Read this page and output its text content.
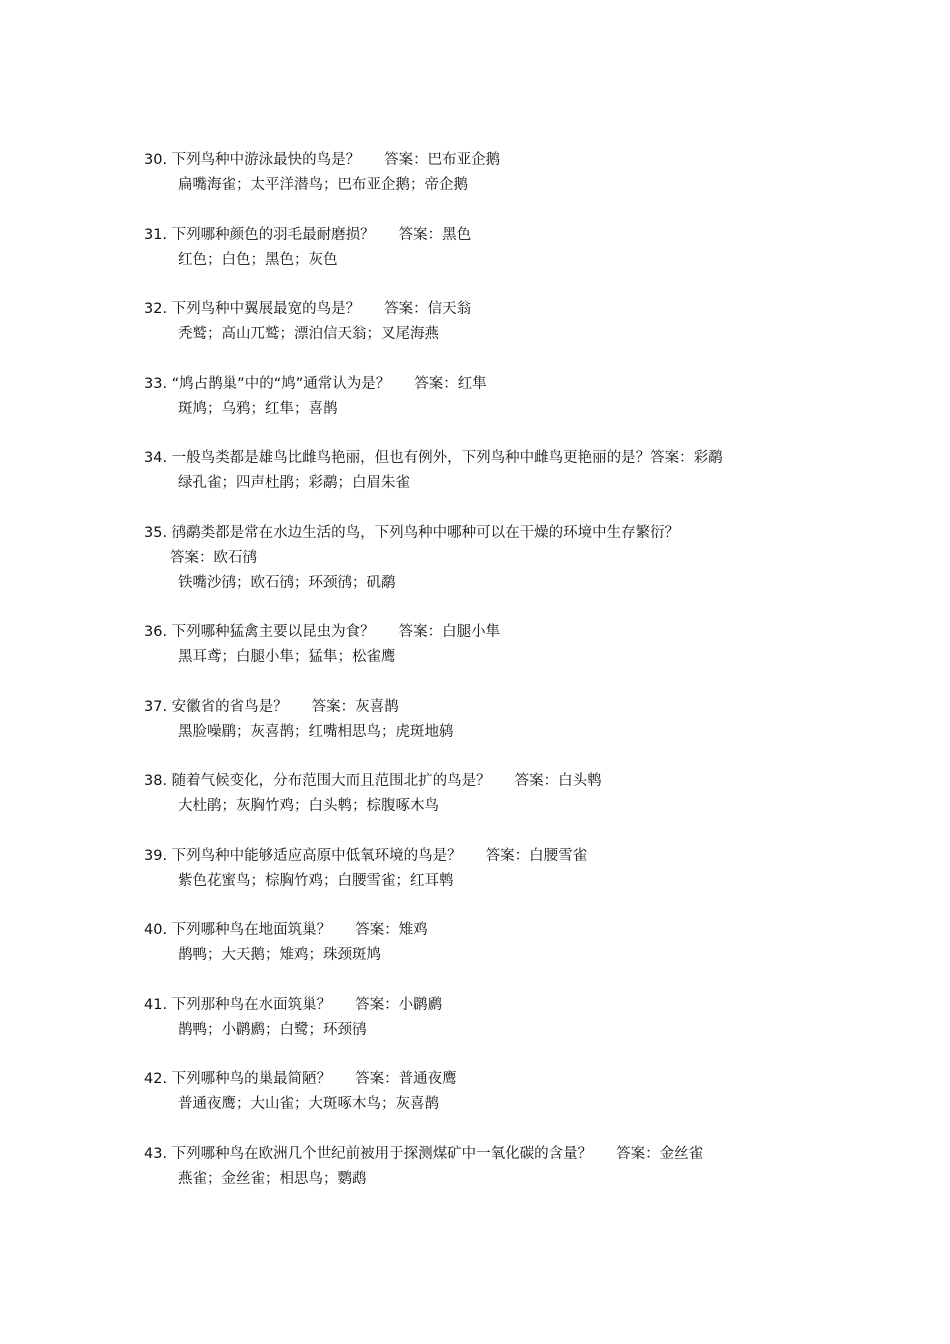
30. 下列鸟种中游泳最快的鸟是？ 答案：巴布亚企鹅
扁嘴海雀；太平洋潜鸟；巴布亚企鹅；帝企鹅
31. 下列哪种颜色的羽毛最耐磨损？ 答案：黑色
红色；白色；黑色；灰色
32. 下列鸟种中翼展最宽的鸟是？ 答案：信天翁
秃鹫；高山兀鹫；漂泊信天翁；叉尾海燕
33. “鸠占鹊巢”中的“鸠”通常认为是？ 答案：红隼
斑鸠；乌鸦；红隼；喜鹊
34. 一般鸟类都是雄鸟比雌鸟艳丽，但也有例外，下列鸟种中雌鸟更艳丽的是？答案：彩鹬
绿孔雀；四声杜鹃；彩鹬；白眉朱雀
35. 鸻鹬类都是常在水边生活的鸟，下列鸟种中哪种可以在干燥的环境中生存繁衍？
答案：欧石鸻
铁嘴沙鸻；欧石鸻；环颈鸻；矶鹬
36. 下列哪种猛禽主要以昆虫为食？ 答案：白腿小隼
黑耳鸢；白腿小隼；猛隼；松雀鹰
37. 安徽省的省鸟是？ 答案：灰喜鹊
黑脸噪鹛；灰喜鹊；红嘴相思鸟；虎斑地鸫
38. 随着气候变化，分布范围大而且范围北扩的鸟是？ 答案：白头鹎
大杜鹃；灰胸竹鸡；白头鹎；棕腹啄木鸟
39. 下列鸟种中能够适应高原中低氧环境的鸟是？ 答案：白腰雪雀
紫色花蜜鸟；棕胸竹鸡；白腰雪雀；红耳鹎
40. 下列哪种鸟在地面筑巢？ 答案：雉鸡
鹊鸭；大天鹅；雉鸡；珠颈斑鸠
41. 下列那种鸟在水面筑巢？ 答案：小䴙䴘
鹊鸭；小䴙䴘；白鹭；环颈鸻
42. 下列哪种鸟的巢最简陋？ 答案：普通夜鹰
普通夜鹰；大山雀；大斑啄木鸟；灰喜鹊
43. 下列哪种鸟在欧洲几个世纪前被用于探测煤矿中一氧化碳的含量？ 答案：金丝雀
燕雀；金丝雀；相思鸟；鹦鹉
